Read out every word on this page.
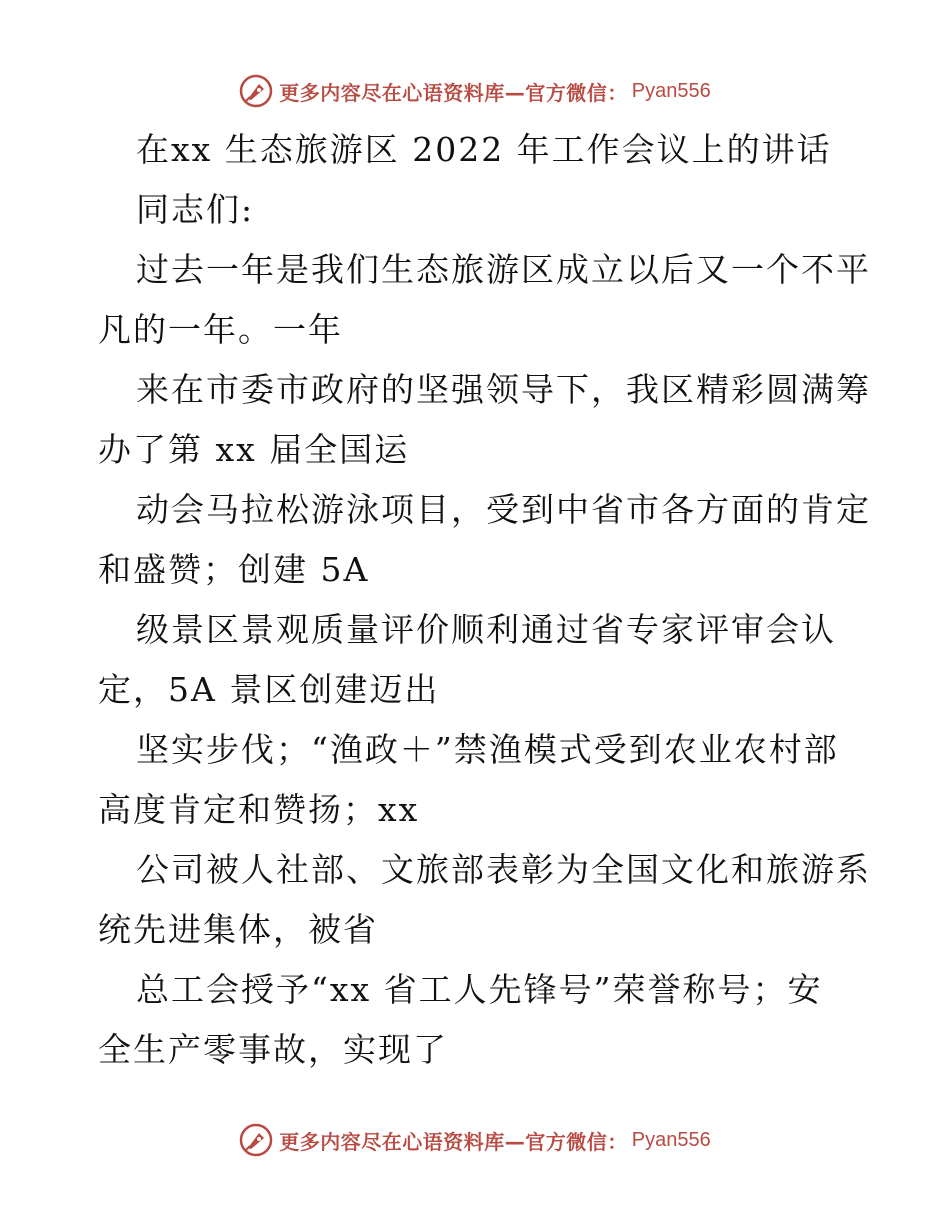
更多内容尽在心语资料库—官方微信： Pyan556
在xx 生态旅游区 2022 年工作会议上的讲话
同志们:
过去一年是我们生态旅游区成立以后又一个不平
凡的一年。一年
来在市委市政府的坚强领导下，我区精彩圆满筹
办了第 xx 届全国运
动会马拉松游泳项目，受到中省市各方面的肯定
和盛赞；创建 5A
级景区景观质量评价顺利通过省专家评审会认
定，5A 景区创建迈出
坚实步伐；“渔政＋”禁渔模式受到农业农村部
高度肯定和赞扬；xx
公司被人社部、文旅部表彰为全国文化和旅游系
统先进集体，被省
总工会授予“xx 省工人先锋号”荣誉称号；安
全生产零事故，实现了
更多内容尽在心语资料库—官方微信： Pyan556
